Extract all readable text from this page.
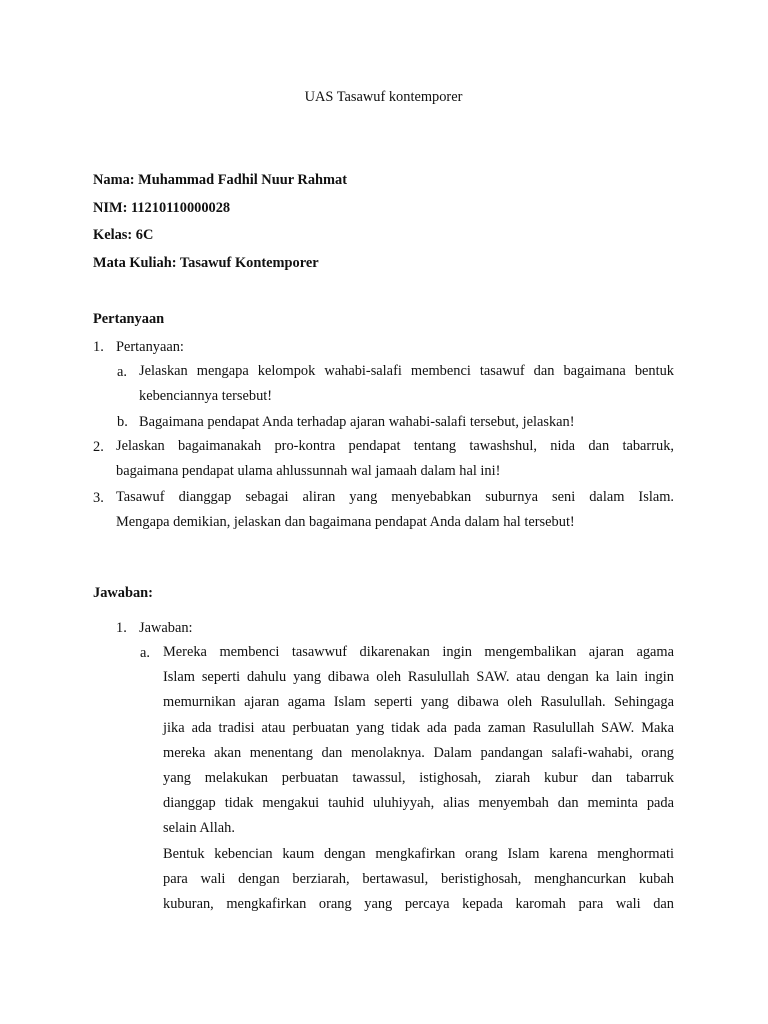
UAS Tasawuf kontemporer
Nama: Muhammad Fadhil Nuur Rahmat
NIM: 11210110000028
Kelas: 6C
Mata Kuliah: Tasawuf Kontemporer
Pertanyaan
1. Pertanyaan:
a. Jelaskan mengapa kelompok wahabi-salafi membenci tasawuf dan bagaimana bentuk
kebenciannya tersebut!
b. Bagaimana pendapat Anda terhadap ajaran wahabi-salafi tersebut, jelaskan!
2. Jelaskan bagaimanakah pro-kontra pendapat tentang tawashshul, nida dan tabarruk,
bagaimana pendapat ulama ahlussunnah wal jamaah dalam hal ini!
3. Tasawuf dianggap sebagai aliran yang menyebabkan suburnya seni dalam Islam.
Mengapa demikian, jelaskan dan bagaimana pendapat Anda dalam hal tersebut!
Jawaban:
1. Jawaban:
a. Mereka membenci tasawwuf dikarenakan ingin mengembalikan ajaran agama
Islam seperti dahulu yang dibawa oleh Rasulullah SAW. atau dengan ka lain ingin
memurnikan ajaran agama Islam seperti yang dibawa oleh Rasulullah. Sehingaga
jika ada tradisi atau perbuatan yang tidak ada pada zaman Rasulullah SAW. Maka
mereka akan menentang dan menolaknya. Dalam pandangan salafi-wahabi, orang
yang melakukan perbuatan tawassul, istighosah, ziarah kubur dan tabarruk
dianggap tidak mengakui tauhid uluhiyyah, alias menyembah dan meminta pada
selain Allah.
Bentuk kebencian kaum dengan mengkafirkan orang Islam karena menghormati
para wali dengan berziarah, bertawasul, beristighosah, menghancurkan kubah
kuburan, mengkafirkan orang yang percaya kepada karomah para wali dan
